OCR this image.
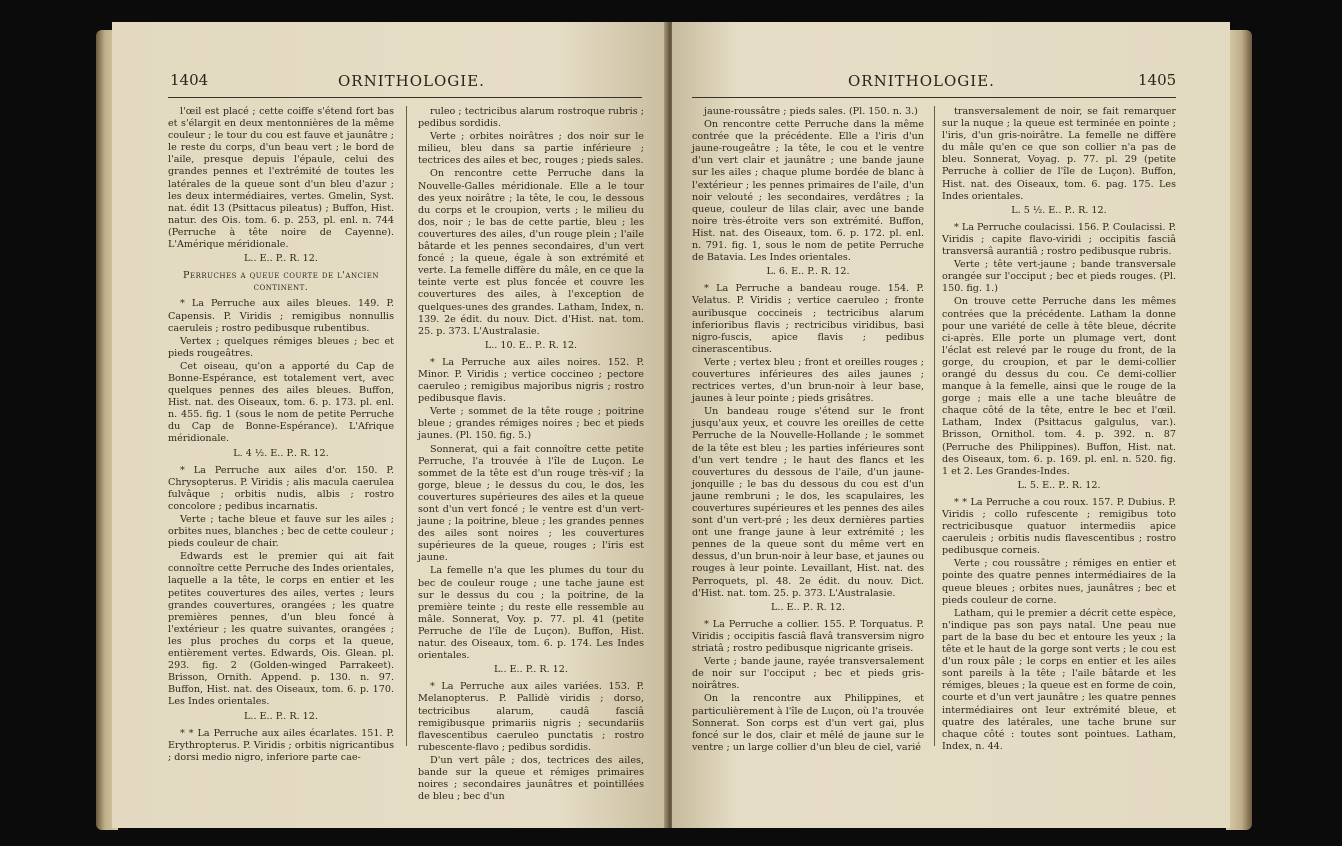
1404	ORNITHOLOGIE.

l'œil est placé ; cette coiffe s'étend fort bas et s'élargit en deux mentonnières de la même couleur ; le tour du cou est fauve et jaunâtre ; le reste du corps, d'un beau vert ; le bord de l'aile, presque depuis l'épaule, celui des grandes pennes et l'extrémité de toutes les latérales de la queue sont d'un bleu d'azur ; les deux intermédiaires, vertes. Gmelin, Syst. nat. édit 13 (Psittacus pileatus) ; Buffon, Hist. natur. des Ois. tom. 6. p. 253, pl. enl. n. 744 (Perruche à tête noire de Cayenne). L'Amérique méridionale.

L.. E.. P.. R. 12.

Perruches a queue courte de l'ancien continent.

* La Perruche aux ailes bleues. 149. P. Capensis. P. Viridis ; remigibus nonnullis caeruleis ; rostro pedibusque rubentibus.

Vertex ; quelques rémiges bleues ; bec et pieds rougeâtres.

Cet oiseau, qu'on a apporté du Cap de Bonne-Espérance, est totalement vert, avec quelques pennes des ailes bleues. Buffon, Hist. nat. des Oiseaux, tom. 6. p. 173. pl. enl. n. 455. fig. 1 (sous le nom de petite Perruche du Cap de Bonne-Espérance). L'Afrique méridionale.

L. 4 ½. E.. P.. R. 12.

* La Perruche aux ailes d'or. 150. P. Chrysopterus. P. Viridis ; alis macula caerulea fulvâque ; orbitis nudis, albis ; rostro concolore ; pedibus incarnatis.

Verte ; tache bleue et fauve sur les ailes ; orbites nues, blanches ; bec de cette couleur ; pieds couleur de chair.

Edwards est le premier qui ait fait connoître cette Perruche des Indes orientales, laquelle a la tête, le corps en entier et les petites couvertures des ailes, vertes ; leurs grandes couvertures, orangées ; les quatre premières pennes, d'un bleu foncé à l'extérieur ; les quatre suivantes, orangées ; les plus proches du corps et la queue, entièrement vertes. Edwards, Ois. Glean. pl. 293. fig. 2 (Golden-winged Parrakeet). Brisson, Ornith. Append. p. 130. n. 97. Buffon, Hist. nat. des Oiseaux, tom. 6. p. 170. Les Indes orientales.

L.. E.. P.. R. 12.

* * La Perruche aux ailes écarlates. 151. P. Erythropterus. P. Viridis ; orbitis nigricantibus ; dorsi medio nigro, inferiore parte cae-

ruleo ; tectricibus alarum rostroque rubris ; pedibus sordidis.

Verte ; orbites noirâtres ; dos noir sur le milieu, bleu dans sa partie inférieure ; tectrices des ailes et bec, rouges ; pieds sales.

On rencontre cette Perruche dans la Nouvelle-Galles méridionale. Elle a le tour des yeux noirâtre ; la tête, le cou, le dessous du corps et le croupion, verts ; le milieu du dos, noir ; le bas de cette partie, bleu ; les couvertures des ailes, d'un rouge plein ; l'aile bâtarde et les pennes secondaires, d'un vert foncé ; la queue, égale à son extrémité et verte. La femelle diffère du mâle, en ce que la teinte verte est plus foncée et couvre les couvertures des ailes, à l'exception de quelques-unes des grandes. Latham, Index, n. 139. 2e édit. du nouv. Dict. d'Hist. nat. tom. 25. p. 373. L'Australasie.

L.. 10. E.. P.. R. 12.

* La Perruche aux ailes noires. 152. P. Minor. P. Viridis ; vertice coccineo ; pectore caeruleo ; remigibus majoribus nigris ; rostro pedibusque flavis.

Verte ; sommet de la tête rouge ; poitrine bleue ; grandes rémiges noires ; bec et pieds jaunes. (Pl. 150. fig. 5.)

Sonnerat, qui a fait connoître cette petite Perruche, l'a trouvée à l'île de Luçon. Le sommet de la tête est d'un rouge très-vif ; la gorge, bleue ; le dessus du cou, le dos, les couvertures supérieures des ailes et la queue sont d'un vert foncé ; le ventre est d'un vert-jaune ; la poitrine, bleue ; les grandes pennes des ailes sont noires ; les couvertures supérieures de la queue, rouges ; l'iris est jaune.

La femelle n'a que les plumes du tour du bec de couleur rouge ; une tache jaune est sur le dessus du cou ; la poitrine, de la première teinte ; du reste elle ressemble au mâle. Sonnerat, Voy. p. 77. pl. 41 (petite Perruche de l'île de Luçon). Buffon, Hist. natur. des Oiseaux, tom. 6. p. 174. Les Indes orientales.

L.. E.. P.. R. 12.

* La Perruche aux ailes variées. 153. P. Melanopterus. P. Pallidè viridis ; dorso, tectricibus alarum, caudâ fasciâ remigibusque primariis nigris ; secundariis flavescentibus caeruleo punctatis ; rostro rubescente-flavo ; pedibus sordidis.

D'un vert pâle ; dos, tectrices des ailes, bande sur la queue et rémiges primaires noires ; secondaires jaunâtres et pointillées de bleu ; bec d'un

ORNITHOLOGIE.	1405

jaune-roussâtre ; pieds sales. (Pl. 150. n. 3.)

On rencontre cette Perruche dans la même contrée que la précédente. Elle a l'iris d'un jaune-rougeâtre ; la tête, le cou et le ventre d'un vert clair et jaunâtre ; une bande jaune sur les ailes ; chaque plume bordée de blanc à l'extérieur ; les pennes primaires de l'aile, d'un noir velouté ; les secondaires, verdâtres ; la queue, couleur de lilas clair, avec une bande noire très-étroite vers son extrémité. Buffon, Hist. nat. des Oiseaux, tom. 6. p. 172. pl. enl. n. 791. fig. 1, sous le nom de petite Perruche de Batavia. Les Indes orientales.

L. 6. E.. P.. R. 12.

* La Perruche a bandeau rouge. 154. P. Velatus. P. Viridis ; vertice caeruleo ; fronte auribusque coccineis ; tectricibus alarum inferioribus flavis ; rectricibus viridibus, basi nigro-fuscis, apice flavis ; pedibus cinerascentibus.

Verte ; vertex bleu ; front et oreilles rouges ; couvertures inférieures des ailes jaunes ; rectrices vertes, d'un brun-noir à leur base, jaunes à leur pointe ; pieds grisâtres.

Un bandeau rouge s'étend sur le front jusqu'aux yeux, et couvre les oreilles de cette Perruche de la Nouvelle-Hollande ; le sommet de la tête est bleu ; les parties inférieures sont d'un vert tendre ; le haut des flancs et les couvertures du dessous de l'aile, d'un jaune-jonquille ; le bas du dessous du cou est d'un jaune rembruni ; le dos, les scapulaires, les couvertures supérieures et les pennes des ailes sont d'un vert-pré ; les deux dernières parties ont une frange jaune à leur extrémité ; les pennes de la queue sont du même vert en dessus, d'un brun-noir à leur base, et jaunes ou rouges à leur pointe. Levaillant, Hist. nat. des Perroquets, pl. 48. 2e édit. du nouv. Dict. d'Hist. nat. tom. 25. p. 373. L'Australasie.

L.. E.. P.. R. 12.

* La Perruche a collier. 155. P. Torquatus. P. Viridis ; occipitis fasciâ flavâ transversim nigro striatâ ; rostro pedibusque nigricante griseis.

Verte ; bande jaune, rayée transversalement de noir sur l'occiput ; bec et pieds gris-noirâtres.

On la rencontre aux Philippines, et particulièrement à l'île de Luçon, où l'a trouvée Sonnerat. Son corps est d'un vert gai, plus foncé sur le dos, clair et mêlé de jaune sur le ventre ; un large collier d'un bleu de ciel, varié

transversalement de noir, se fait remarquer sur la nuque ; la queue est terminée en pointe ; l'iris, d'un gris-noirâtre. La femelle ne diffère du mâle qu'en ce que son collier n'a pas de bleu. Sonnerat, Voyag. p. 77. pl. 29 (petite Perruche à collier de l'île de Luçon). Buffon, Hist. nat. des Oiseaux, tom. 6. pag. 175. Les Indes orientales.

L. 5 ½. E.. P.. R. 12.

* La Perruche coulacissi. 156. P. Coulacissi. P. Viridis ; capite flavo-viridi ; occipitis fasciâ transversâ aurantiâ ; rostro pedibusque rubris.

Verte ; tête vert-jaune ; bande transversale orangée sur l'occiput ; bec et pieds rouges. (Pl. 150. fig. 1.)

On trouve cette Perruche dans les mêmes contrées que la précédente. Latham la donne pour une variété de celle à tête bleue, décrite ci-après. Elle porte un plumage vert, dont l'éclat est relevé par le rouge du front, de la gorge, du croupion, et par le demi-collier orangé du dessus du cou. Ce demi-collier manque à la femelle, ainsi que le rouge de la gorge ; mais elle a une tache bleuâtre de chaque côté de la tête, entre le bec et l'œil. Latham, Index (Psittacus galgulus, var.). Brisson, Ornithol. tom. 4. p. 392. n. 87 (Perruche des Philippines). Buffon, Hist. nat. des Oiseaux, tom. 6. p. 169. pl. enl. n. 520. fig. 1 et 2. Les Grandes-Indes.

L. 5. E.. P.. R. 12.

* * La Perruche a cou roux. 157. P. Dubius. P. Viridis ; collo rufescente ; remigibus toto rectricibusque quatuor intermediis apice caeruleis ; orbitis nudis flavescentibus ; rostro pedibusque corneis.

Verte ; cou roussâtre ; rémiges en entier et pointe des quatre pennes intermédiaires de la queue bleues ; orbites nues, jaunâtres ; bec et pieds couleur de corne.

Latham, qui le premier a décrit cette espèce, n'indique pas son pays natal. Une peau nue part de la base du bec et entoure les yeux ; la tête et le haut de la gorge sont verts ; le cou est d'un roux pâle ; le corps en entier et les ailes sont pareils à la tête ; l'aile bâtarde et les rémiges, bleues ; la queue est en forme de coin, courte et d'un vert jaunâtre ; les quatre pennes intermédiaires ont leur extrémité bleue, et quatre des latérales, une tache brune sur chaque côté : toutes sont pointues. Latham, Index, n. 44.
